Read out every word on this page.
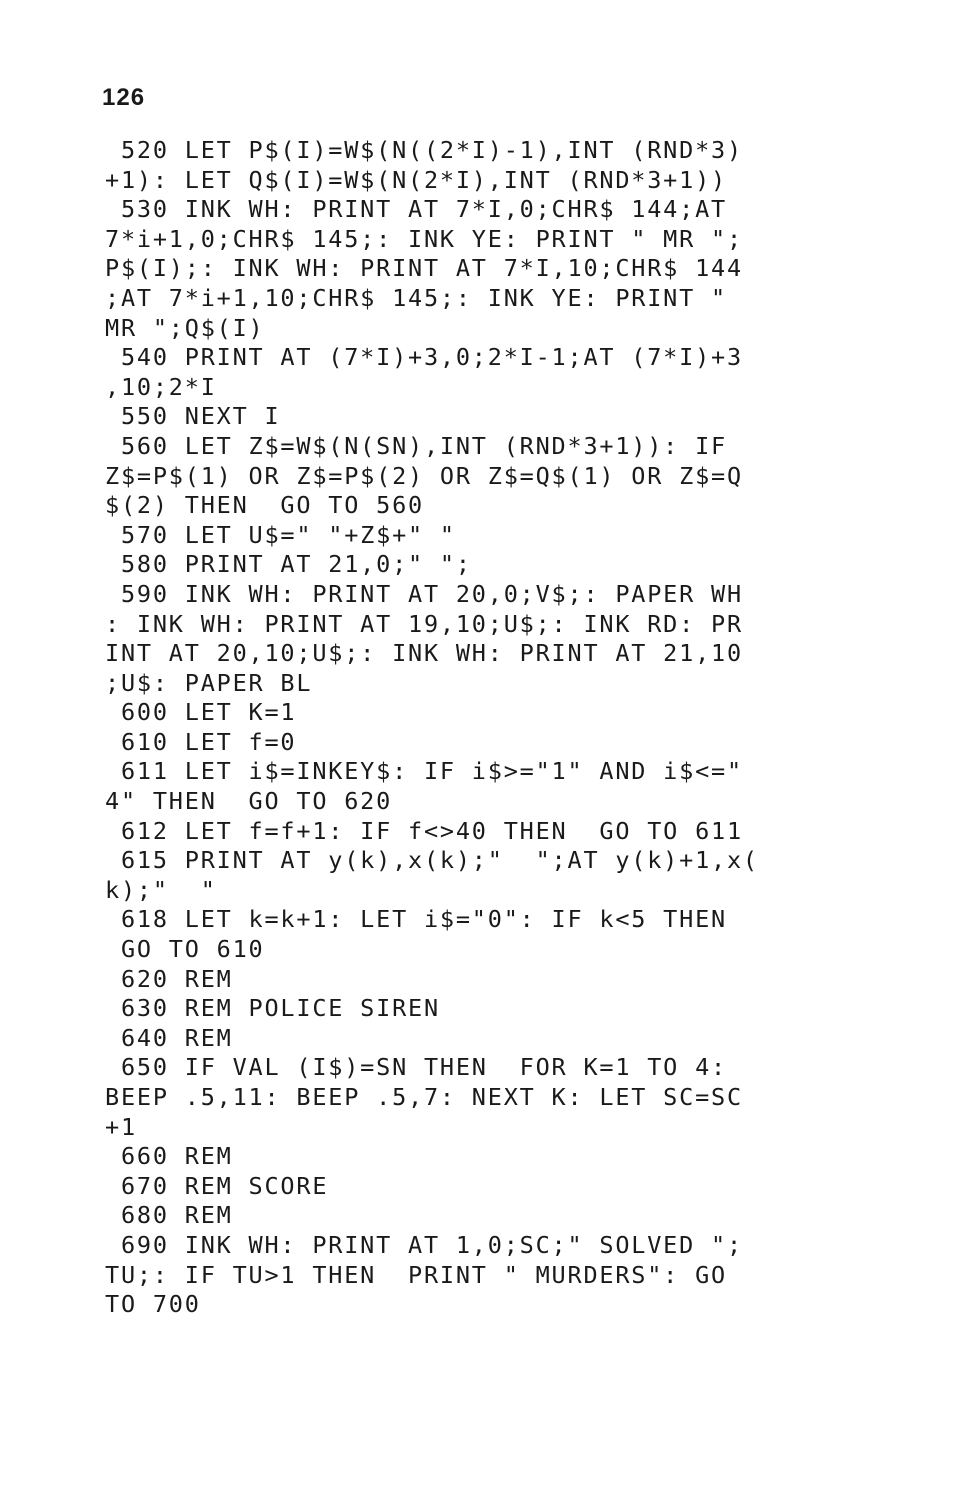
126
520 LET P$(I)=W$(N((2*I)-1),INT (RND*3)
+1): LET Q$(I)=W$(N(2*I),INT (RND*3+1))
530 INK WH: PRINT AT 7*I,0;CHR$ 144;AT
7*i+1,0;CHR$ 145;: INK YE: PRINT " MR ";
P$(I);: INK WH: PRINT AT 7*I,10;CHR$ 144
;AT 7*i+1,10;CHR$ 145;: INK YE: PRINT "
MR ";Q$(I)
540 PRINT AT (7*I)+3,0;2*I-1;AT (7*I)+3
,10;2*I
550 NEXT I
560 LET Z$=W$(N(SN),INT (RND*3+1)): IF
Z$=P$(1) OR Z$=P$(2) OR Z$=Q$(1) OR Z$=Q
$(2) THEN  GO TO 560
570 LET U$=" "+Z$+" "
580 PRINT AT 21,0;" ";
590 INK WH: PRINT AT 20,0;V$;: PAPER WH
: INK WH: PRINT AT 19,10;U$;: INK RD: PR
INT AT 20,10;U$;: INK WH: PRINT AT 21,10
;U$: PAPER BL
600 LET K=1
610 LET f=0
611 LET i$=INKEY$: IF i$>="1" AND i$<="
4" THEN  GO TO 620
612 LET f=f+1: IF f<>40 THEN  GO TO 611
615 PRINT AT y(k),x(k);"  ";AT y(k)+1,x(
k);"  "
618 LET k=k+1: LET i$="0": IF k<5 THEN
GO TO 610
620 REM
630 REM POLICE SIREN
640 REM
650 IF VAL (I$)=SN THEN  FOR K=1 TO 4:
BEEP .5,11: BEEP .5,7: NEXT K: LET SC=SC
+1
660 REM
670 REM SCORE
680 REM
690 INK WH: PRINT AT 1,0;SC;" SOLVED ";
TU;: IF TU>1 THEN  PRINT " MURDERS": GO
TO 700
